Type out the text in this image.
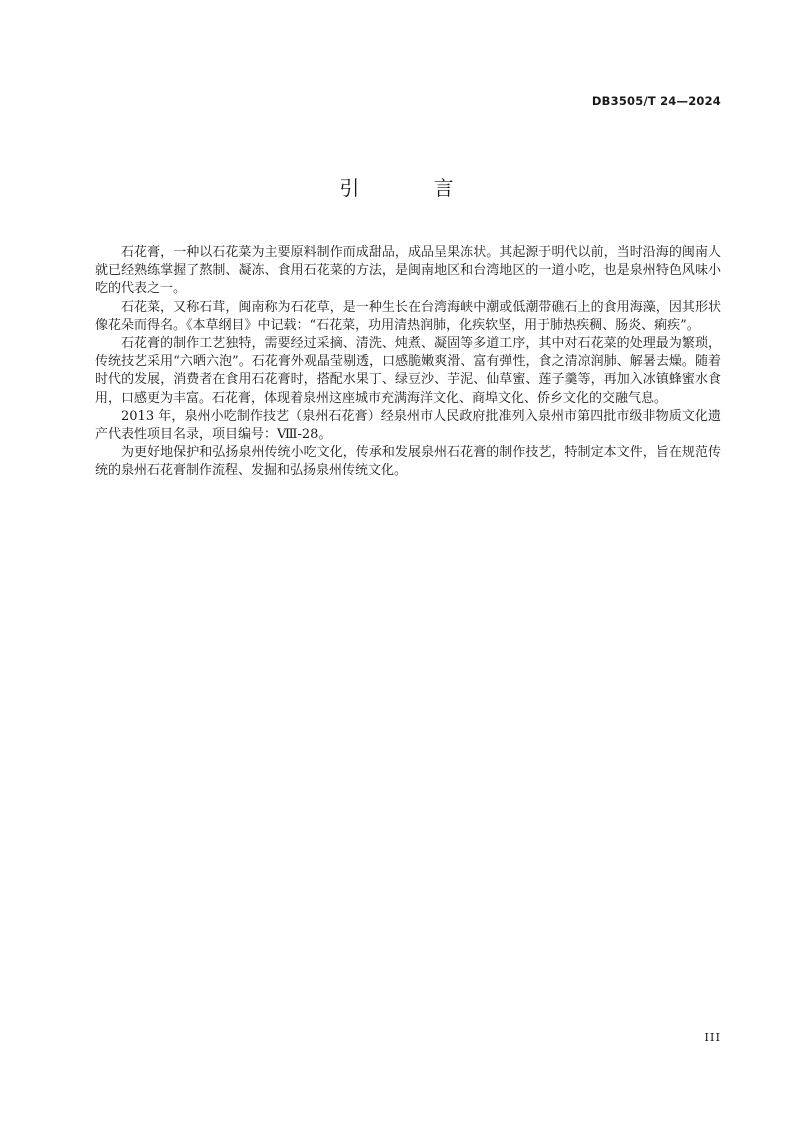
DB3505/T 24—2024
引 言

石花膏，一种以石花菜为主要原料制作而成甜品，成品呈果冻状。其起源于明代以前，当时沿海的闽南人就已经熟练掌握了熬制、凝冻、食用石花菜的方法，是闽南地区和台湾地区的一道小吃，也是泉州特色风味小吃的代表之一。

石花菜，又称石茸，闽南称为石花草，是一种生长在台湾海峡中潮或低潮带礁石上的食用海藻，因其形状像花朵而得名。《本草纲目》中记载：“石花菜，功用清热润肺，化疾软坚，用于肺热疾稠、肠炎、痢疾”。

石花膏的制作工艺独特，需要经过采摘、清洗、炖煮、凝固等多道工序，其中对石花菜的处理最为繁琐，传统技艺采用“六晒六泡”。石花膏外观晶莹剔透，口感脆嫩爽滑、富有弹性，食之清凉润肺、解暑去燥。随着时代的发展，消费者在食用石花膏时，搭配水果丁、绿豆沙、芋泥、仙草蜜、莲子羹等，再加入冰镇蜂蜜水食用，口感更为丰富。石花膏，体现着泉州这座城市充满海洋文化、商埠文化、侨乡文化的交融气息。

2013 年，泉州小吃制作技艺（泉州石花膏）经泉州市人民政府批准列入泉州市第四批市级非物质文化遗产代表性项目名录，项目编号：Ⅷ-28。

为更好地保护和弘扬泉州传统小吃文化，传承和发展泉州石花膏的制作技艺，特制定本文件，旨在规范传统的泉州石花膏制作流程、发掘和弘扬泉州传统文化。

III
